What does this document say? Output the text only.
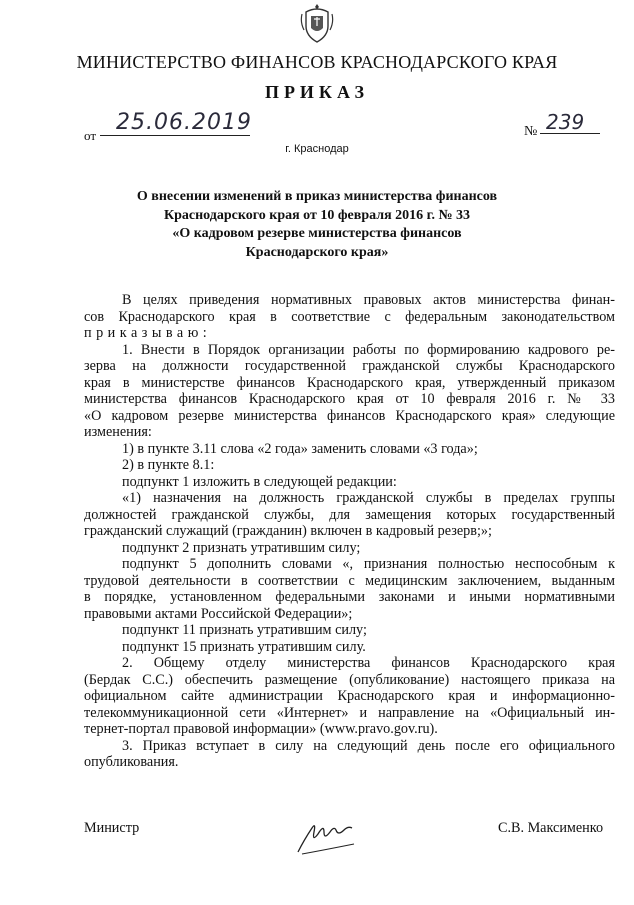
МИНИСТЕРСТВО ФИНАНСОВ КРАСНОДАРСКОГО КРАЯ
ПРИКАЗ
от
25.06.2019	№ 239
г. Краснодар
О внесении изменений в приказ министерства финансов
Краснодарского края от 10 февраля 2016 г. № 33
«О кадровом резерве министерства финансов
Краснодарского края»
В целях приведения нормативных правовых актов министерства финан-
сов Краснодарского края в соответствие с федеральным законодательством
приказываю:
1. Внести в Порядок организации работы по формированию кадрового ре-
зерва на должности государственной гражданской службы Краснодарского
края в министерстве финансов Краснодарского края, утвержденный приказом
министерства финансов Краснодарского края от 10 февраля 2016 г. № 33
«О кадровом резерве министерства финансов Краснодарского края» следующие
изменения:
1) в пункте 3.11 слова «2 года» заменить словами «3 года»;
2) в пункте 8.1:
подпункт 1 изложить в следующей редакции:
«1) назначения на должность гражданской службы в пределах группы
должностей гражданской службы, для замещения которых государственный
гражданский служащий (гражданин) включен в кадровый резерв;»;
подпункт 2 признать утратившим силу;
подпункт 5 дополнить словами «, признания полностью неспособным к
трудовой деятельности в соответствии с медицинским заключением, выданным
в порядке, установленном федеральными законами и иными нормативными
правовыми актами Российской Федерации»;
подпункт 11 признать утратившим силу;
подпункт 15 признать утратившим силу.
2. Общему отделу министерства финансов Краснодарского края
(Бердак С.С.) обеспечить размещение (опубликование) настоящего приказа на
официальном сайте администрации Краснодарского края и информационно-
телекоммуникационной сети «Интернет» и направление на «Официальный ин-
тернет-портал правовой информации» (www.pravo.gov.ru).
3. Приказ вступает в силу на следующий день после его официального
опубликования.
Министр	С.В. Максименко
